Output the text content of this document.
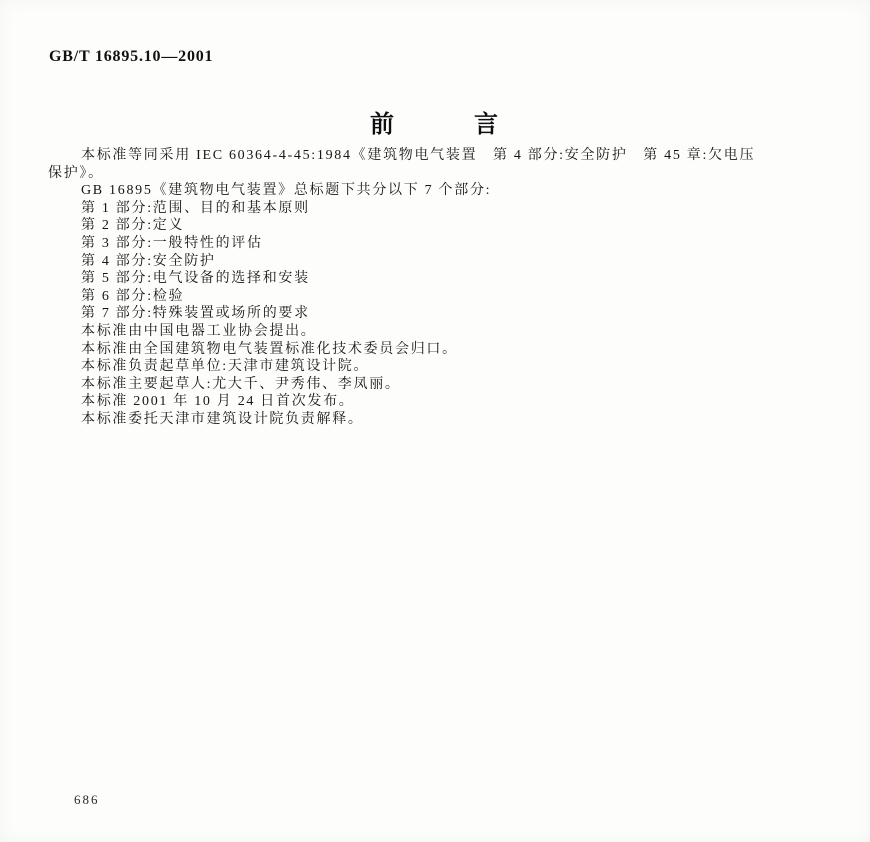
GB/T 16895.10—2001
前　　　言

本标准等同采用 IEC 60364-4-45:1984《建筑物电气装置　第 4 部分:安全防护　第 45 章:欠电压

保护》。

GB 16895《建筑物电气装置》总标题下共分以下 7 个部分:

第 1 部分:范围、目的和基本原则

第 2 部分:定义

第 3 部分:一般特性的评估

第 4 部分:安全防护

第 5 部分:电气设备的选择和安装

第 6 部分:检验

第 7 部分:特殊装置或场所的要求

本标准由中国电器工业协会提出。

本标准由全国建筑物电气装置标准化技术委员会归口。

本标准负责起草单位:天津市建筑设计院。

本标准主要起草人:尤大千、尹秀伟、李凤丽。

本标准 2001 年 10 月 24 日首次发布。

本标准委托天津市建筑设计院负责解释。

686
